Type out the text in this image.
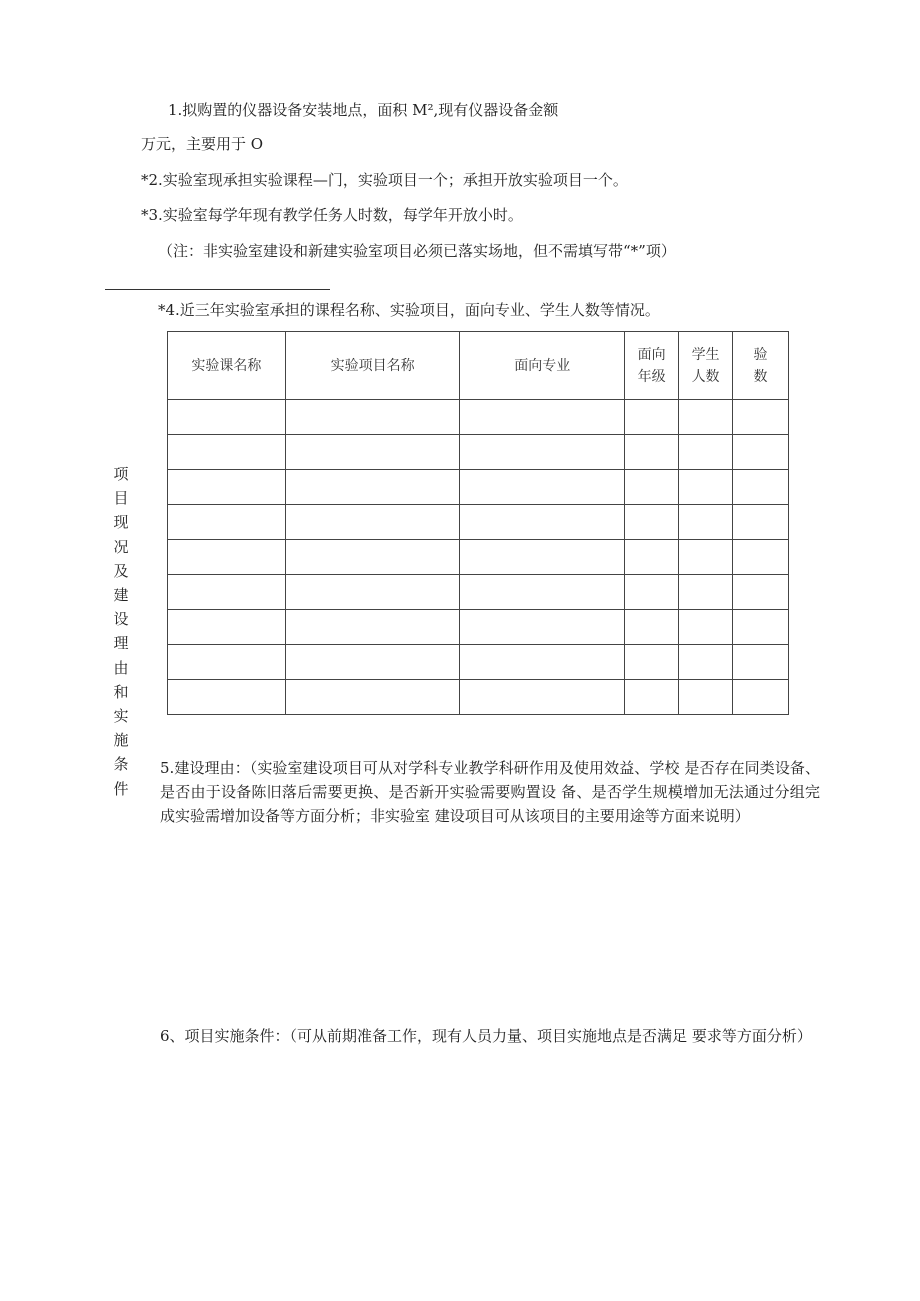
1.拟购置的仪器设备安装地点，面积 M²,现有仪器设备金额
万元，主要用于 O
*2.实验室现承担实验课程—门，实验项目一个；承担开放实验项目一个。
*3.实验室每学年现有教学任务人时数，每学年开放小时。
（注：非实验室建设和新建实验室项目必须已落实场地，但不需填写带“*”项）
*4.近三年实验室承担的课程名称、实验项目，面向专业、学生人数等情况。
实验课名称	实验项目名称	面向专业	面向年级	学生人数	验数

项
目
现
况
及
建
设
理
由
和
实
施
条
件
5.建设理由：（实验室建设项目可从对学科专业教学科研作用及使用效益、学校 是否存在同类设备、是否由于设备陈旧落后需要更换、是否新开实验需要购置设 备、是否学生规模增加无法通过分组完成实验需增加设备等方面分析；非实验室 建设项目可从该项目的主要用途等方面来说明）
6、项目实施条件：（可从前期准备工作，现有人员力量、项目实施地点是否满足 要求等方面分析）
